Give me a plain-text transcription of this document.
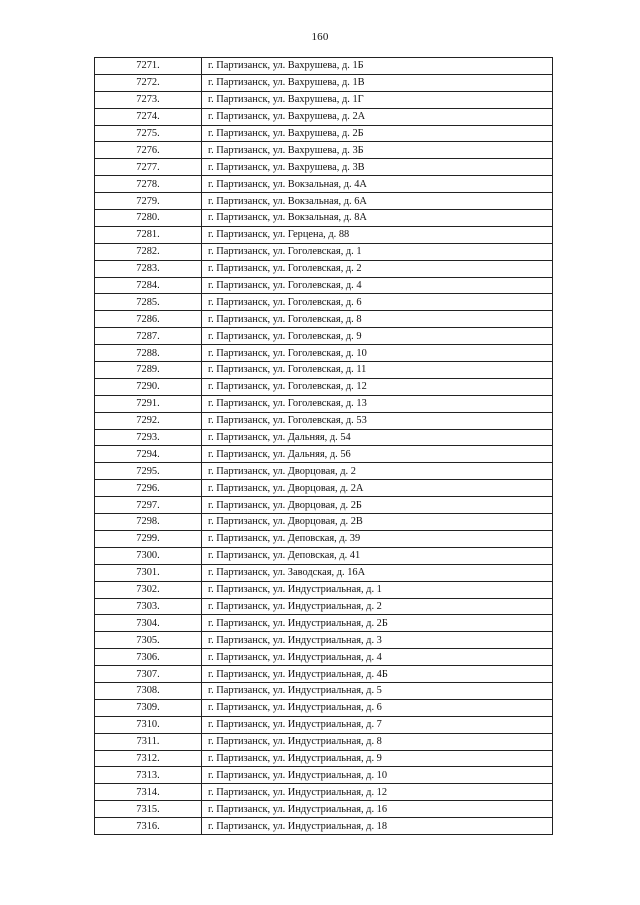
160
7271.	г. Партизанск, ул. Вахрушева, д. 1Б
7272.	г. Партизанск, ул. Вахрушева, д. 1В
7273.	г. Партизанск, ул. Вахрушева, д. 1Г
7274.	г. Партизанск, ул. Вахрушева, д. 2А
7275.	г. Партизанск, ул. Вахрушева, д. 2Б
7276.	г. Партизанск, ул. Вахрушева, д. 3Б
7277.	г. Партизанск, ул. Вахрушева, д. 3В
7278.	г. Партизанск, ул. Вокзальная, д. 4А
7279.	г. Партизанск, ул. Вокзальная, д. 6А
7280.	г. Партизанск, ул. Вокзальная, д. 8А
7281.	г. Партизанск, ул. Герцена, д. 88
7282.	г. Партизанск, ул. Гоголевская, д. 1
7283.	г. Партизанск, ул. Гоголевская, д. 2
7284.	г. Партизанск, ул. Гоголевская, д. 4
7285.	г. Партизанск, ул. Гоголевская, д. 6
7286.	г. Партизанск, ул. Гоголевская, д. 8
7287.	г. Партизанск, ул. Гоголевская, д. 9
7288.	г. Партизанск, ул. Гоголевская, д. 10
7289.	г. Партизанск, ул. Гоголевская, д. 11
7290.	г. Партизанск, ул. Гоголевская, д. 12
7291.	г. Партизанск, ул. Гоголевская, д. 13
7292.	г. Партизанск, ул. Гоголевская, д. 53
7293.	г. Партизанск, ул. Дальняя, д. 54
7294.	г. Партизанск, ул. Дальняя, д. 56
7295.	г. Партизанск, ул. Дворцовая, д. 2
7296.	г. Партизанск, ул. Дворцовая, д. 2А
7297.	г. Партизанск, ул. Дворцовая, д. 2Б
7298.	г. Партизанск, ул. Дворцовая, д. 2В
7299.	г. Партизанск, ул. Деповская, д. 39
7300.	г. Партизанск, ул. Деповская, д. 41
7301.	г. Партизанск, ул. Заводская, д. 16А
7302.	г. Партизанск, ул. Индустриальная, д. 1
7303.	г. Партизанск, ул. Индустриальная, д. 2
7304.	г. Партизанск, ул. Индустриальная, д. 2Б
7305.	г. Партизанск, ул. Индустриальная, д. 3
7306.	г. Партизанск, ул. Индустриальная, д. 4
7307.	г. Партизанск, ул. Индустриальная, д. 4Б
7308.	г. Партизанск, ул. Индустриальная, д. 5
7309.	г. Партизанск, ул. Индустриальная, д. 6
7310.	г. Партизанск, ул. Индустриальная, д. 7
7311.	г. Партизанск, ул. Индустриальная, д. 8
7312.	г. Партизанск, ул. Индустриальная, д. 9
7313.	г. Партизанск, ул. Индустриальная, д. 10
7314.	г. Партизанск, ул. Индустриальная, д. 12
7315.	г. Партизанск, ул. Индустриальная, д. 16
7316.	г. Партизанск, ул. Индустриальная, д. 18
